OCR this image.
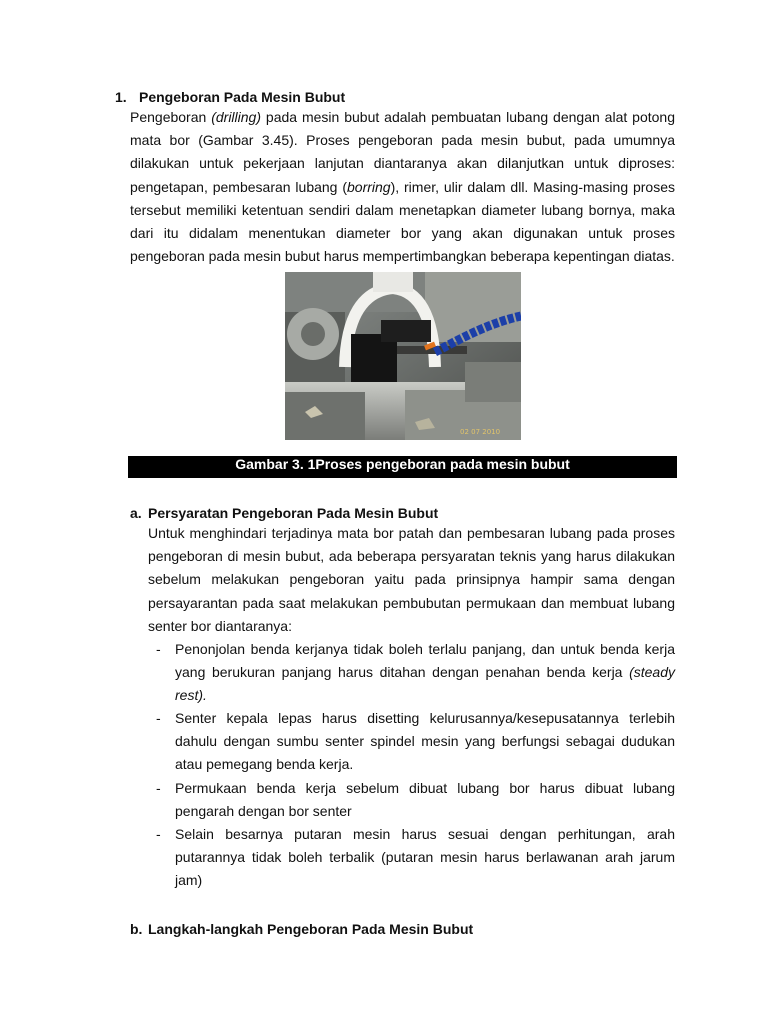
1. Pengeboran Pada Mesin Bubut
Pengeboran (drilling) pada mesin bubut adalah pembuatan lubang dengan alat potong mata bor (Gambar 3.45). Proses pengeboran pada mesin bubut, pada umumnya dilakukan untuk pekerjaan lanjutan diantaranya akan dilanjutkan untuk diproses: pengetapan, pembesaran lubang (borring), rimer, ulir dalam dll. Masing-masing proses tersebut memiliki ketentuan sendiri dalam menetapkan diameter lubang bornya, maka dari itu didalam menentukan diameter bor yang akan digunakan untuk proses pengeboran pada mesin bubut harus mempertimbangkan beberapa kepentingan diatas.
02 07 2010
Gambar 3. 1Proses pengeboran pada mesin bubut
a. Persyaratan Pengeboran Pada Mesin Bubut
Untuk menghindari terjadinya mata bor patah dan pembesaran lubang pada proses pengeboran di mesin bubut, ada beberapa persyaratan teknis yang harus dilakukan sebelum melakukan pengeboran yaitu pada prinsipnya hampir sama dengan persayarantan pada saat melakukan pembubutan permukaan dan membuat lubang senter bor diantaranya:
-	Penonjolan benda kerjanya tidak boleh terlalu panjang, dan untuk benda kerja yang berukuran panjang harus ditahan dengan penahan benda kerja (steady rest).
-	Senter kepala lepas harus disetting kelurusannya/kesepusatannya terlebih dahulu dengan sumbu senter spindel mesin yang berfungsi sebagai dudukan atau pemegang benda kerja.
-	Permukaan benda kerja sebelum dibuat lubang bor harus dibuat lubang pengarah dengan bor senter
-	Selain besarnya putaran mesin harus sesuai dengan perhitungan, arah putarannya tidak boleh terbalik (putaran mesin harus berlawanan arah jarum jam)
b. Langkah-langkah Pengeboran Pada Mesin Bubut
